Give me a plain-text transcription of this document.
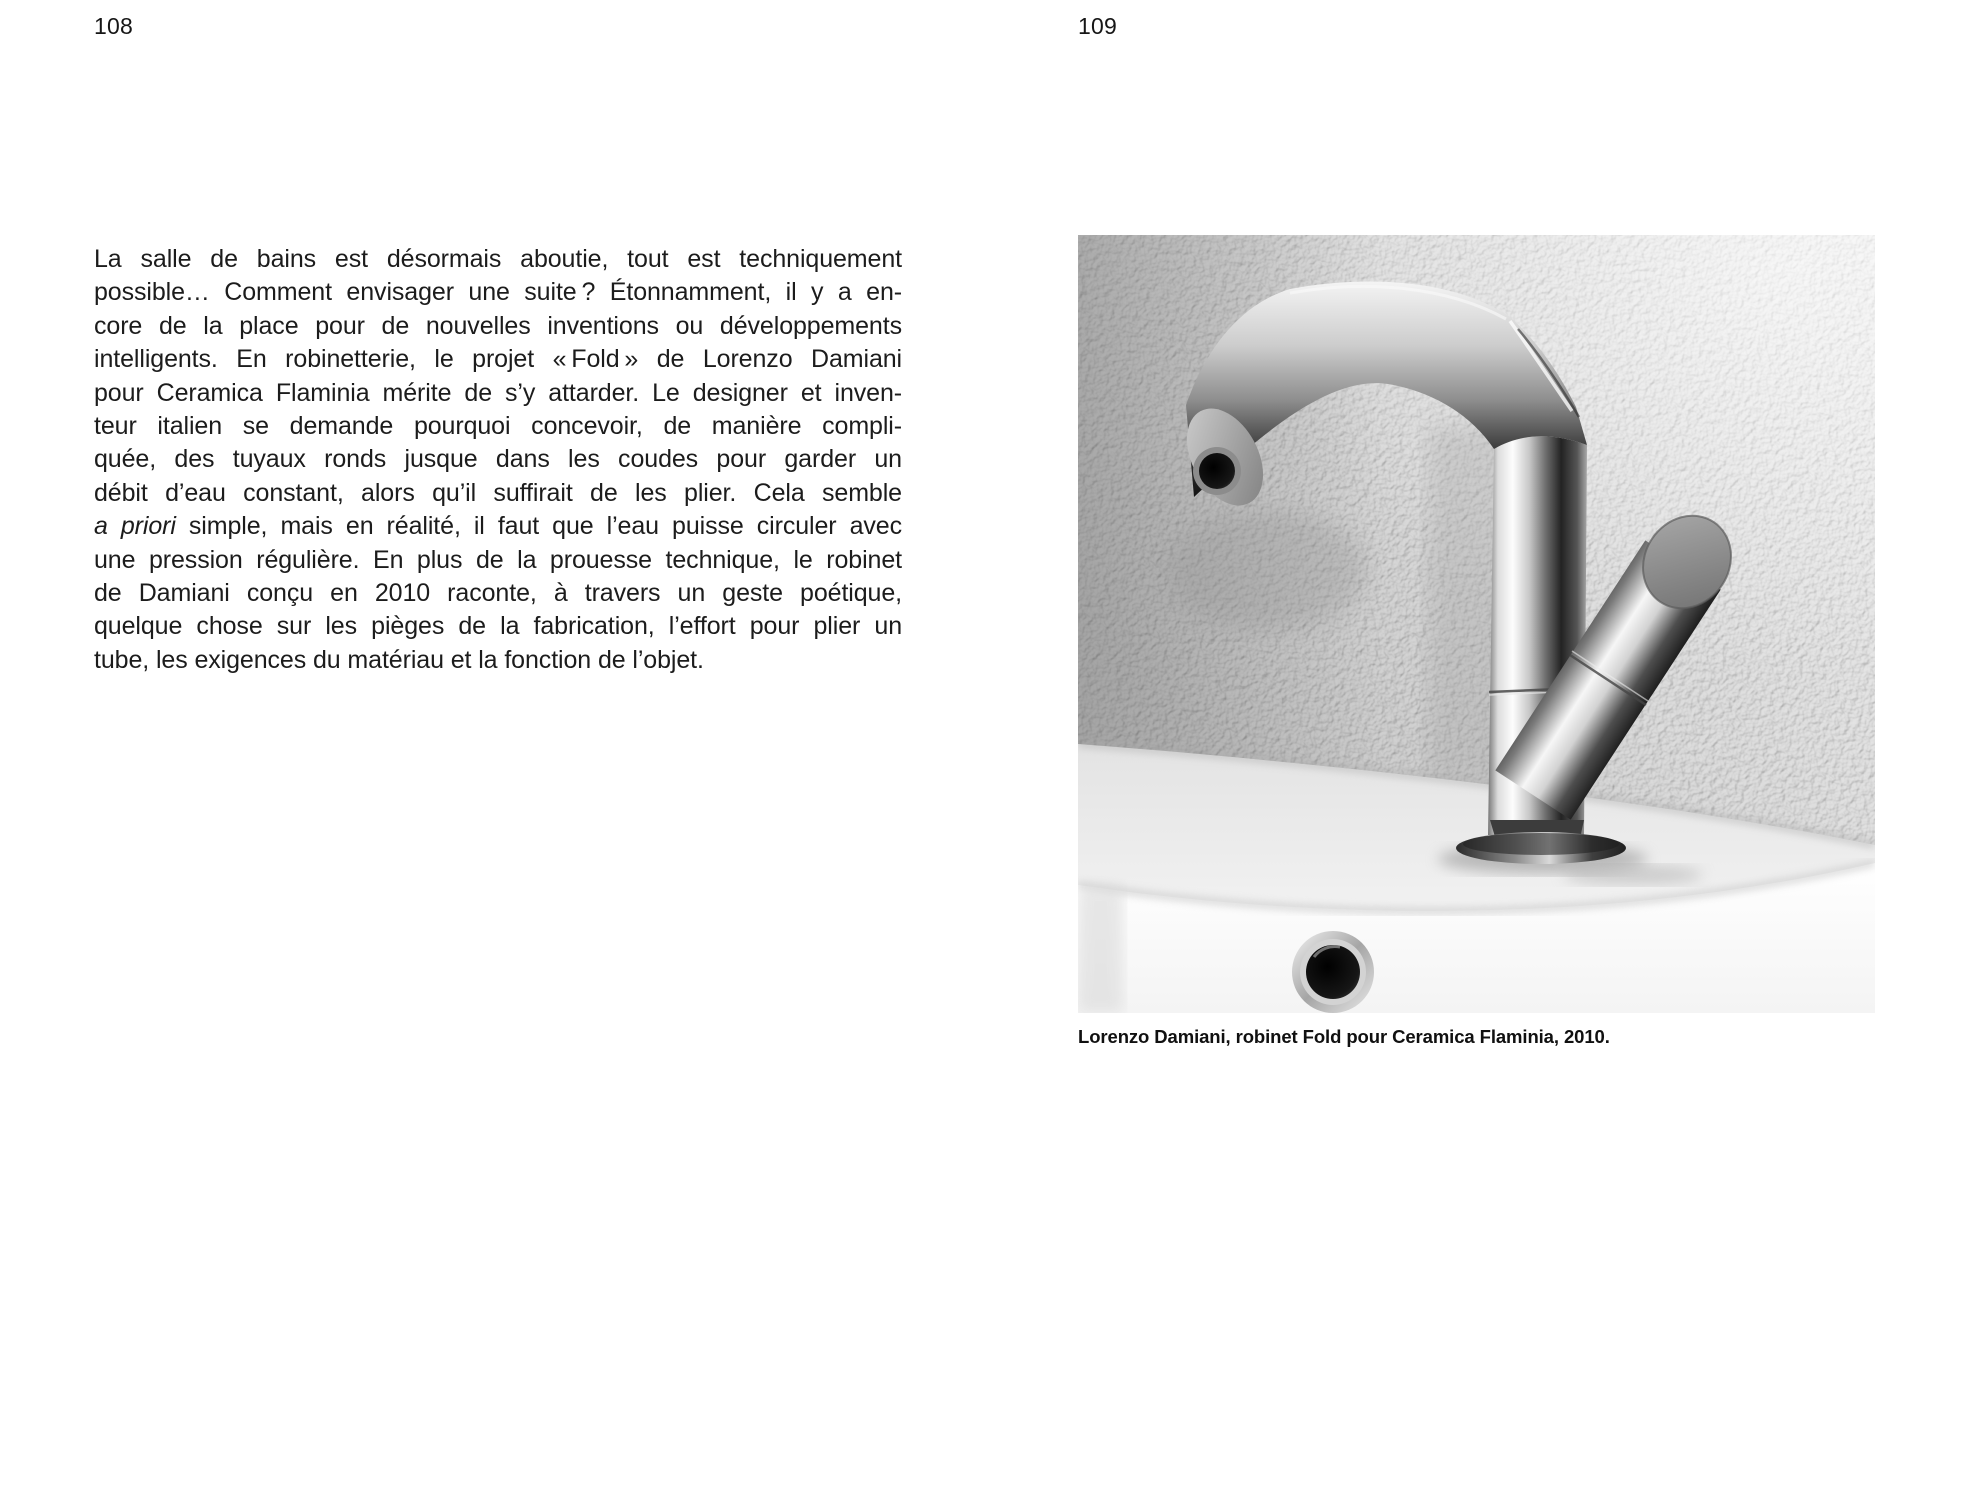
108	109
La salle de bains est désormais aboutie, tout est techniquement
possible… Comment envisager une suite ? Étonnamment, il y a en-
core de la place pour de nouvelles inventions ou développements
intelligents. En robinetterie, le projet « Fold » de Lorenzo Damiani
pour Ceramica Flaminia mérite de s’y attarder. Le designer et inven-
teur italien se demande pourquoi concevoir, de manière compli-
quée, des tuyaux ronds jusque dans les coudes pour garder un
débit d’eau constant, alors qu’il suffirait de les plier. Cela semble
a priori simple, mais en réalité, il faut que l’eau puisse circuler avec
une pression régulière. En plus de la prouesse technique, le robinet
de Damiani conçu en 2010 raconte, à travers un geste poétique,
quelque chose sur les pièges de la fabrication, l’effort pour plier un
tube, les exigences du matériau et la fonction de l’objet.
Lorenzo Damiani, robinet Fold pour Ceramica Flaminia, 2010.
